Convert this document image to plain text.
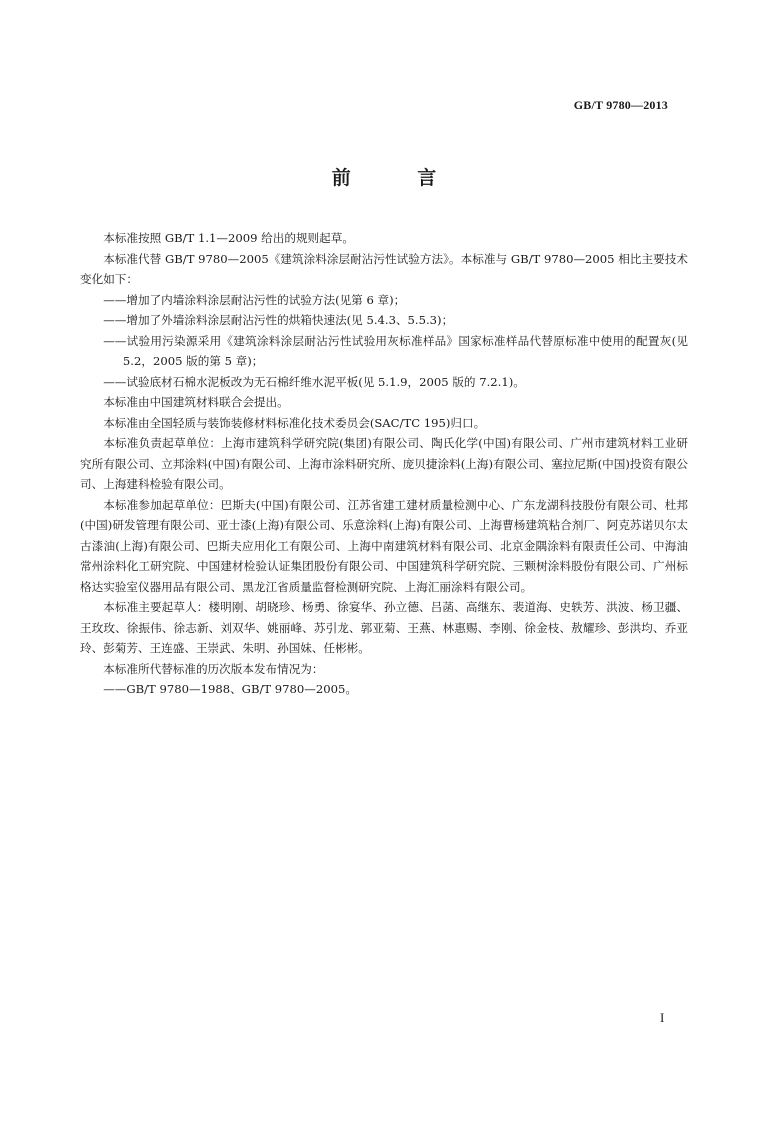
GB/T 9780—2013
前 言

本标准按照 GB/T 1.1—2009 给出的规则起草。

本标准代替 GB/T 9780—2005《建筑涂料涂层耐沾污性试验方法》。本标准与 GB/T 9780—2005 相比主要技术变化如下：

——增加了内墙涂料涂层耐沾污性的试验方法(见第 6 章)；

——增加了外墙涂料涂层耐沾污性的烘箱快速法(见 5.4.3、5.5.3)；

——试验用污染源采用《建筑涂料涂层耐沾污性试验用灰标准样品》国家标准样品代替原标准中使用的配置灰(见 5.2，2005 版的第 5 章)；

——试验底材石棉水泥板改为无石棉纤维水泥平板(见 5.1.9，2005 版的 7.2.1)。

本标准由中国建筑材料联合会提出。

本标准由全国轻质与装饰装修材料标准化技术委员会(SAC/TC 195)归口。

本标准负责起草单位：上海市建筑科学研究院(集团)有限公司、陶氏化学(中国)有限公司、广州市建筑材料工业研究所有限公司、立邦涂料(中国)有限公司、上海市涂料研究所、庞贝捷涂料(上海)有限公司、塞拉尼斯(中国)投资有限公司、上海建科检验有限公司。

本标准参加起草单位：巴斯夫(中国)有限公司、江苏省建工建材质量检测中心、广东龙湖科技股份有限公司、杜邦(中国)研发管理有限公司、亚士漆(上海)有限公司、乐意涂料(上海)有限公司、上海曹杨建筑粘合剂厂、阿克苏诺贝尔太古漆油(上海)有限公司、巴斯夫应用化工有限公司、上海中南建筑材料有限公司、北京金隅涂料有限责任公司、中海油常州涂料化工研究院、中国建材检验认证集团股份有限公司、中国建筑科学研究院、三颗树涂料股份有限公司、广州标格达实验室仪器用品有限公司、黑龙江省质量监督检测研究院、上海汇丽涂料有限公司。

本标准主要起草人：楼明刚、胡晓珍、杨勇、徐宴华、孙立德、吕菡、高继东、裴道海、史轶芳、洪波、杨卫疆、王玫玫、徐振伟、徐志新、刘双华、姚丽峰、苏引龙、郭亚菊、王燕、林惠赐、李刚、徐金枝、敖耀珍、彭洪均、乔亚玲、彭菊芳、王连盛、王崇武、朱明、孙国妹、任彬彬。

本标准所代替标准的历次版本发布情况为：

——GB/T 9780—1988、GB/T 9780—2005。

I
